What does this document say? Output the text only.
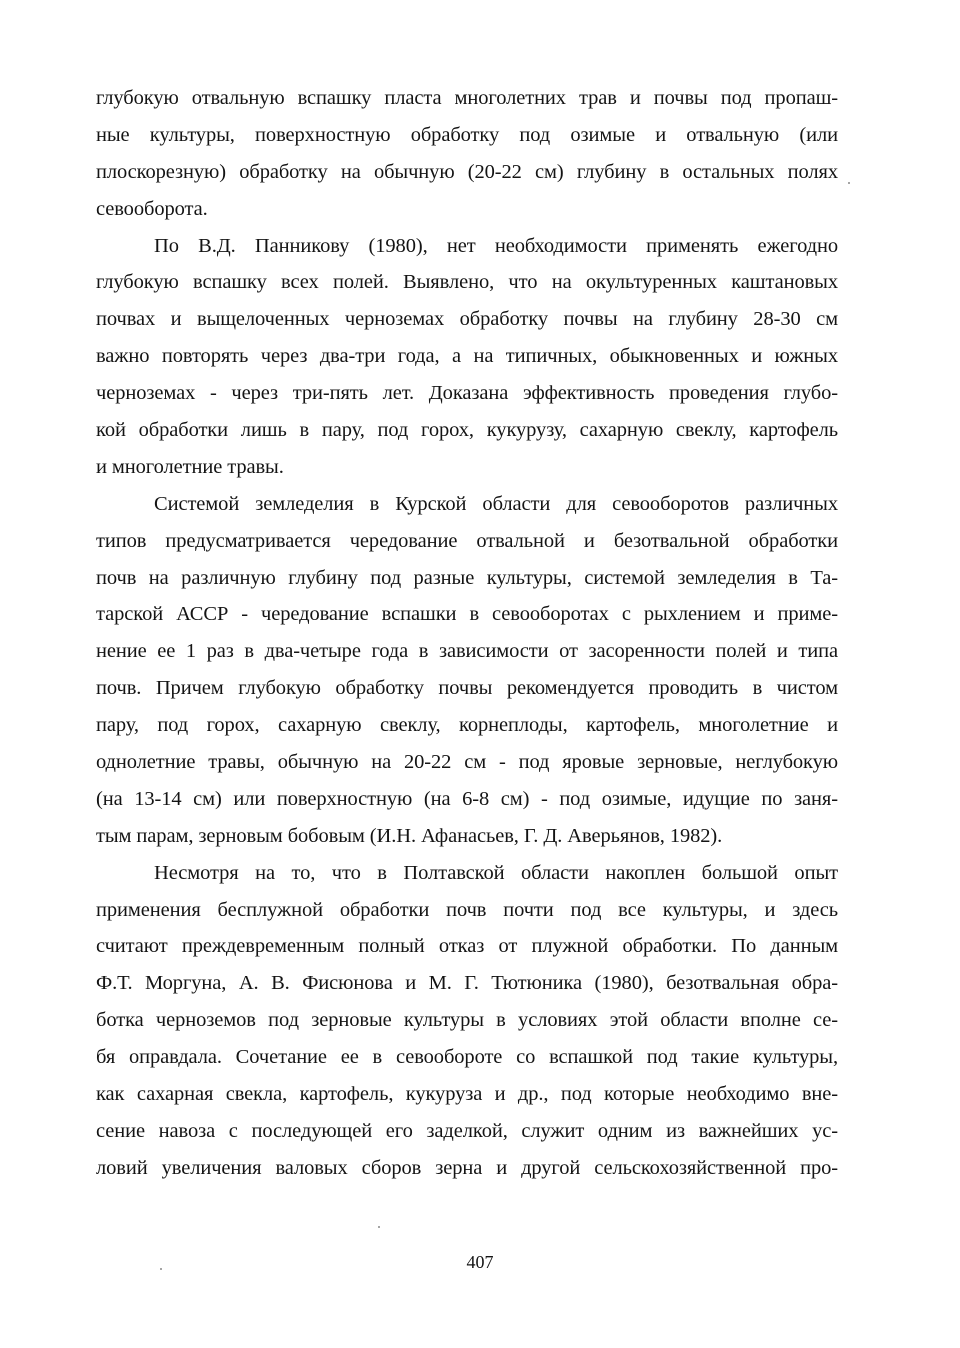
глубокую отвальную вспашку пласта многолетних трав и почвы под пропаш-
ные культуры, поверхностную обработку под озимые и отвальную (или
плоскорезную) обработку на обычную (20-22 см) глубину в остальных полях
севооборота.
По В.Д. Панникову (1980), нет необходимости применять ежегодно
глубокую вспашку всех полей. Выявлено, что на окультуренных каштановых
почвах и выщелоченных черноземах обработку почвы на глубину 28-30 см
важно повторять через два-три года, а на типичных, обыкновенных и южных
черноземах - через три-пять лет. Доказана эффективность проведения глубо-
кой обработки лишь в пару, под горох, кукурузу, сахарную свеклу, картофель
и многолетние травы.
Системой земледелия в Курской области для севооборотов различных
типов предусматривается чередование отвальной и безотвальной обработки
почв на различную глубину под разные культуры, системой земледелия в Та-
тарской АССР - чередование вспашки в севооборотах с рыхлением и приме-
нение ее 1 раз в два-четыре года в зависимости от засоренности полей и типа
почв. Причем глубокую обработку почвы рекомендуется проводить в чистом
пару, под горох, сахарную свеклу, корнеплоды, картофель, многолетние и
однолетние травы, обычную на 20-22 см - под яровые зерновые, неглубокую
(на 13-14 см) или поверхностную (на 6-8 см) - под озимые, идущие по заня-
тым парам, зерновым бобовым (И.Н. Афанасьев, Г. Д. Аверьянов, 1982).
Несмотря на то, что в Полтавской области накоплен большой опыт
применения бесплужной обработки почв почти под все культуры, и здесь
считают преждевременным полный отказ от плужной обработки. По данным
Ф.Т. Моргуна, А. В. Фисюнова и М. Г. Тютюника (1980), безотвальная обра-
ботка черноземов под зерновые культуры в условиях этой области вполне се-
бя оправдала. Сочетание ее в севообороте со вспашкой под такие культуры,
как сахарная свекла, картофель, кукуруза и др., под которые необходимо вне-
сение навоза с последующей его заделкой, служит одним из важнейших ус-
ловий увеличения валовых сборов зерна и другой сельскохозяйственной про-
407
